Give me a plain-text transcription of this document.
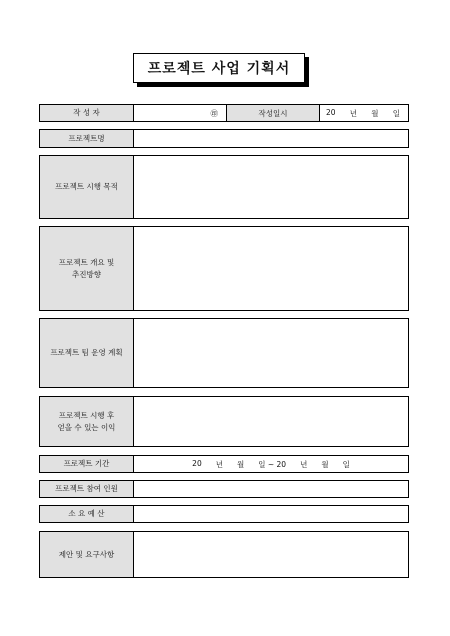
프로젝트 사업 기획서
작 성 자	㊞	작성일시	20 년 월 일
프로젝트명
프로젝트 시행 목적
프로젝트 개요 및
추진방향
프로젝트 팀 운영 계획
프로젝트 시행 후
얻을 수 있는 이익
프로젝트 기간	20 년 월 일 ~ 20 년 월 일
프로젝트 참여 인원
소 요 예 산
제안 및 요구사항
